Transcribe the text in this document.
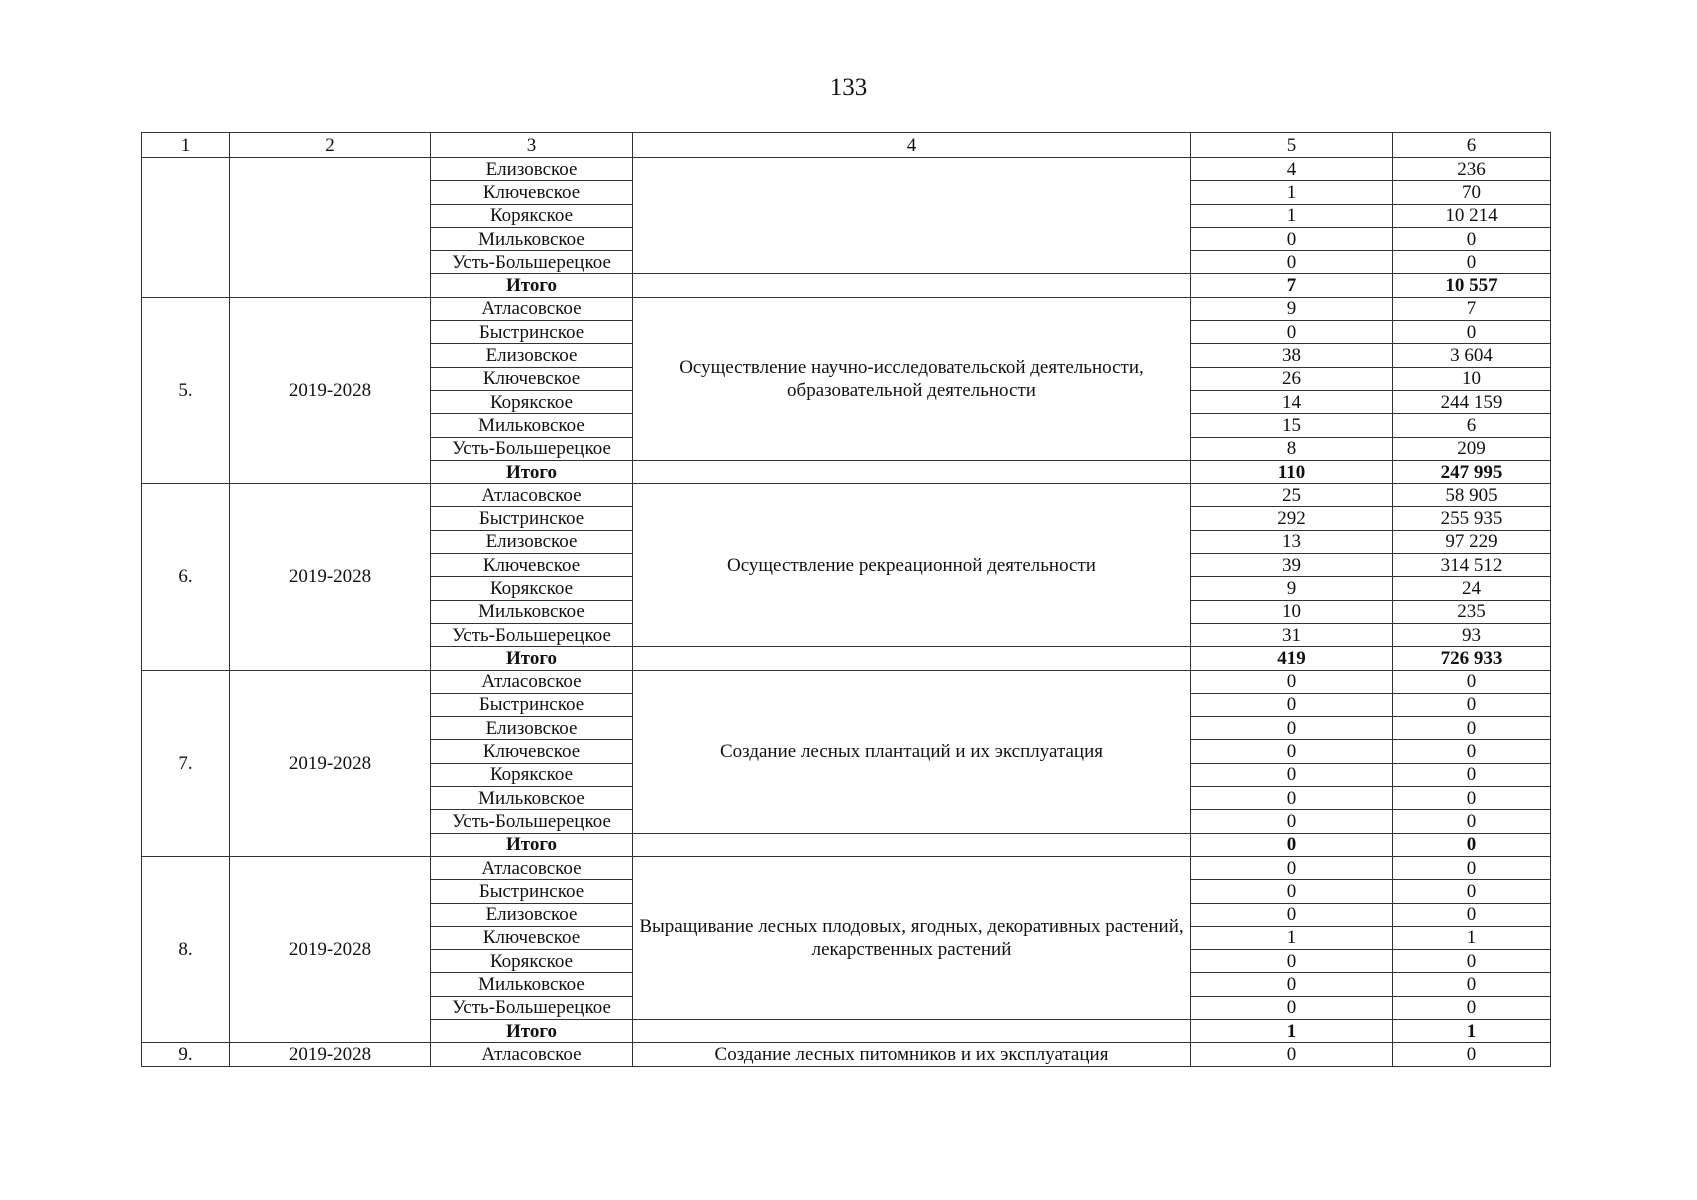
133
1	2	3	4	5	6
		Елизовское		4	236
		Ключевское		1	70
		Корякское		1	10 214
		Мильковское		0	0
		Усть-Большерецкое		0	0
		Итого		7	10 557
5.	2019-2028	Атласовское	Осуществление научно-исследовательской деятельности, образовательной деятельности	9	7
		Быстринское		0	0
		Елизовское		38	3 604
		Ключевское		26	10
		Корякское		14	244 159
		Мильковское		15	6
		Усть-Большерецкое		8	209
		Итого		110	247 995
6.	2019-2028	Атласовское	Осуществление рекреационной деятельности	25	58 905
		Быстринское		292	255 935
		Елизовское		13	97 229
		Ключевское		39	314 512
		Корякское		9	24
		Мильковское		10	235
		Усть-Большерецкое		31	93
		Итого		419	726 933
7.	2019-2028	Атласовское	Создание лесных плантаций и их эксплуатация	0	0
		Быстринское		0	0
		Елизовское		0	0
		Ключевское		0	0
		Корякское		0	0
		Мильковское		0	0
		Усть-Большерецкое		0	0
		Итого		0	0
8.	2019-2028	Атласовское	Выращивание лесных плодовых, ягодных, декоративных растений, лекарственных растений	0	0
		Быстринское		0	0
		Елизовское		0	0
		Ключевское		1	1
		Корякское		0	0
		Мильковское		0	0
		Усть-Большерецкое		0	0
		Итого		1	1
9.	2019-2028	Атласовское	Создание лесных питомников и их эксплуатация	0	0
